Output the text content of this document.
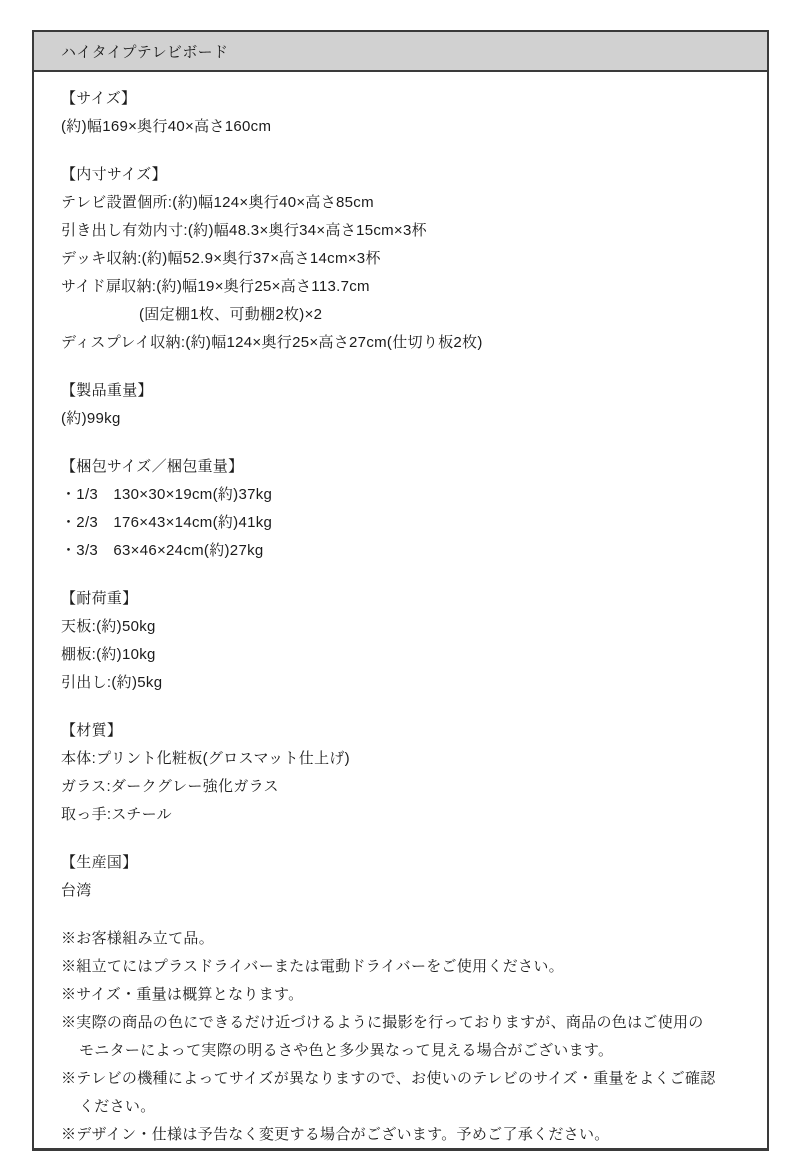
ハイタイプテレビボード
【サイズ】

(約)幅169×奥行40×高さ160cm

【内寸サイズ】

テレビ設置個所:(約)幅124×奥行40×高さ85cm

引き出し有効内寸:(約)幅48.3×奥行34×高さ15cm×3杯

デッキ収納:(約)幅52.9×奥行37×高さ14cm×3杯

サイド扉収納:(約)幅19×奥行25×高さ113.7cm

(固定棚1枚、可動棚2枚)×2

ディスプレイ収納:(約)幅124×奥行25×高さ27cm(仕切り板2枚)

【製品重量】

(約)99kg

【梱包サイズ／梱包重量】

・1/3　130×30×19cm(約)37kg

・2/3　176×43×14cm(約)41kg

・3/3　63×46×24cm(約)27kg

【耐荷重】

天板:(約)50kg

棚板:(約)10kg

引出し:(約)5kg

【材質】

本体:プリント化粧板(グロスマット仕上げ)

ガラス:ダークグレー強化ガラス

取っ手:スチール

【生産国】

台湾

※お客様組み立て品。

※組立てにはプラスドライバーまたは電動ドライバーをご使用ください。

※サイズ・重量は概算となります。

※実際の商品の色にできるだけ近づけるように撮影を行っておりますが、商品の色はご使用の

モニターによって実際の明るさや色と多少異なって見える場合がございます。

※テレビの機種によってサイズが異なりますので、お使いのテレビのサイズ・重量をよくご確認

ください。

※デザイン・仕様は予告なく変更する場合がございます。予めご了承ください。
